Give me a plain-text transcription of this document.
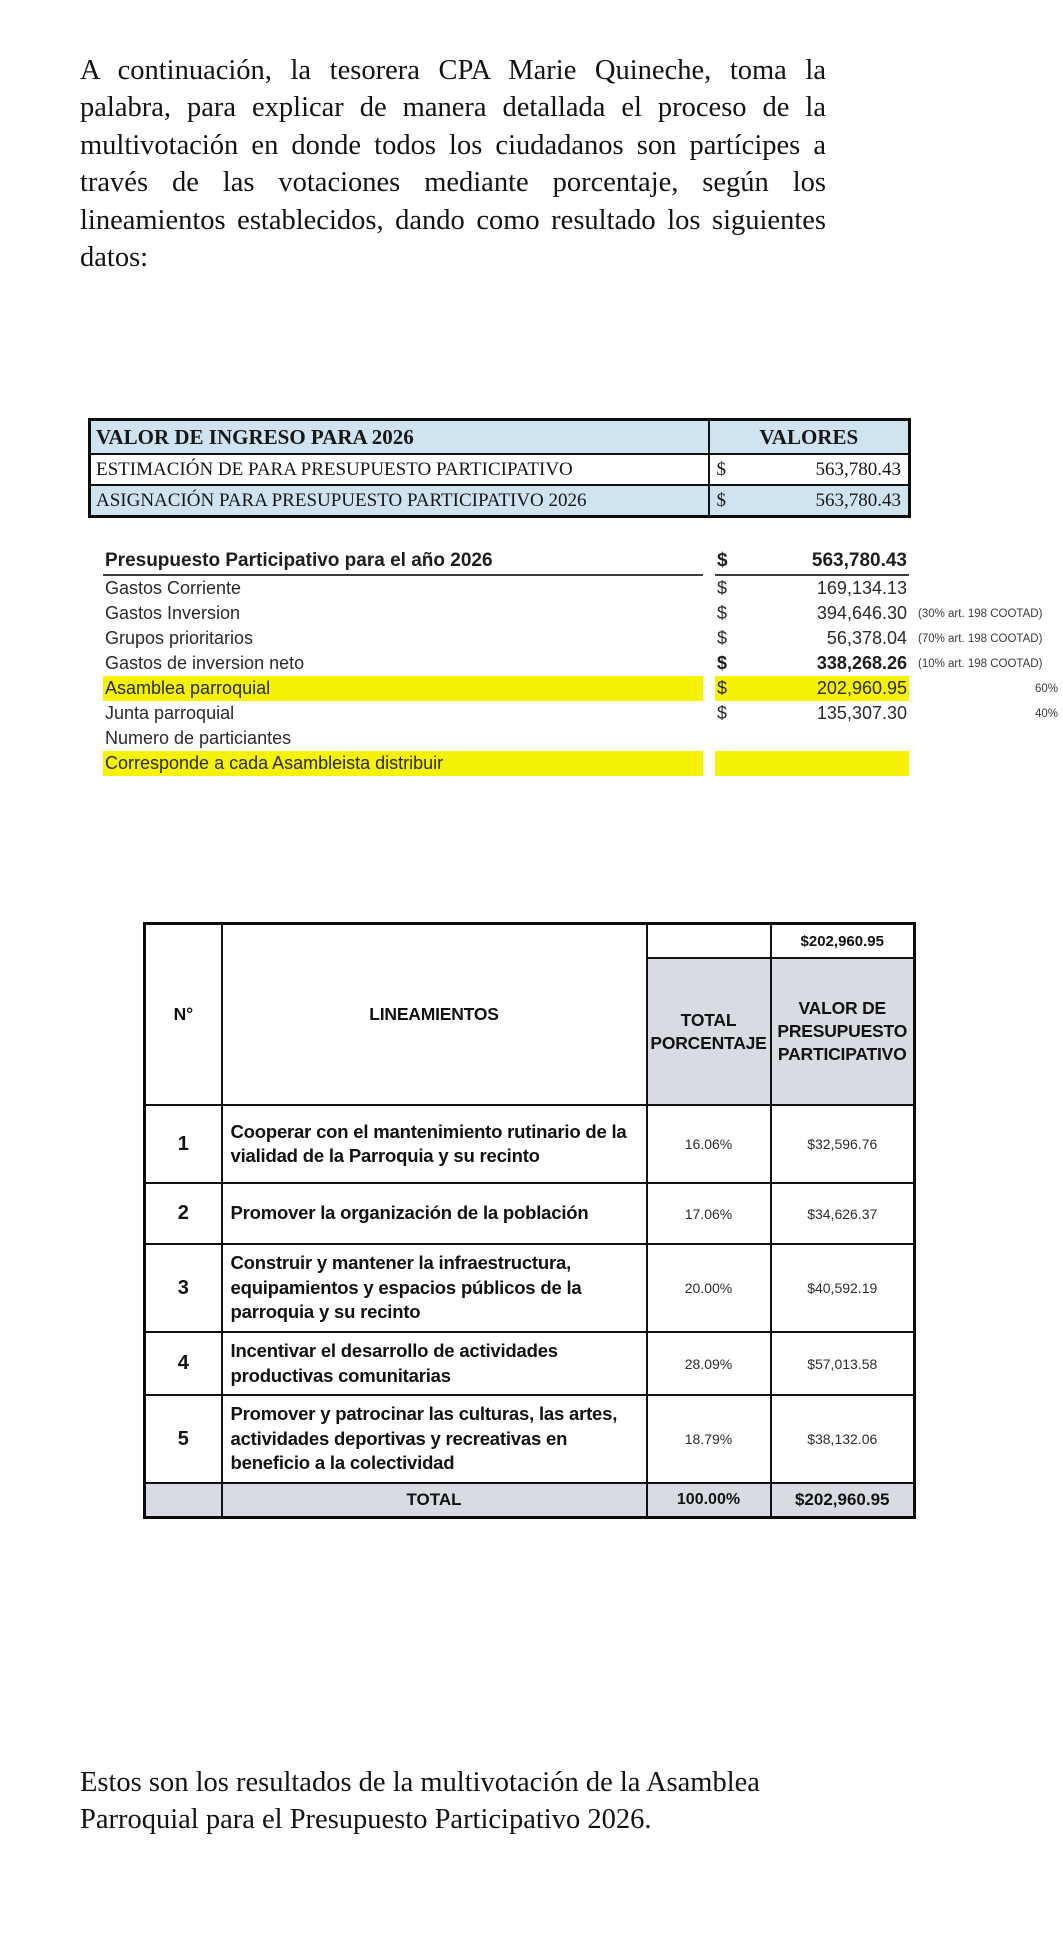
A continuación, la tesorera CPA Marie Quineche, toma la palabra, para explicar de manera detallada el proceso de la multivotación en donde todos los ciudadanos son partícipes a través de las votaciones mediante porcentaje, según los lineamientos establecidos, dando como resultado los siguientes datos:

VALOR DE INGRESO PARA 2026	VALORES
ESTIMACIÓN DE PARA PRESUPUESTO PARTICIPATIVO	$ 563,780.43

ASIGNACIÓN PARA PRESUPUESTO PARTICIPATIVO 2026	$ 563,780.43
Presupuesto Participativo para el año 2026	$	563,780.43
Gastos Corriente	$	169,134.13
Gastos Inversion	$	394,646.30 (30% art. 198 COOTAD)
Grupos prioritarios	$	56,378.04 (70% art. 198 COOTAD)
Gastos de inversion neto	$	338,268.26 (10% art. 198 COOTAD)
Asamblea parroquial	$	202,960.95	60%
Junta parroquial	$	135,307.30	40%
Numero de particiantes
Corresponde a cada Asambleista distribuir
N°	LINEAMIENTOS		$202,960.95
		TOTAL PORCENTAJE	VALOR DE PRESUPUESTO PARTICIPATIVO
1	Cooperar con el mantenimiento rutinario de la vialidad de la Parroquia y su recinto	16.06%	$32,596.76
2	Promover la organización de la población	17.06%	$34,626.37
3	Construir y mantener la infraestructura, equipamientos y espacios públicos de la parroquia y su recinto	20.00%	$40,592.19
4	Incentivar el desarrollo de actividades productivas comunitarias	28.09%	$57,013.58
5	Promover y patrocinar las culturas, las artes, actividades deportivas y recreativas en beneficio a la colectividad	18.79%	$38,132.06
	TOTAL	100.00%	$202,960.95

Estos son los resultados de la multivotación de la Asamblea Parroquial para el Presupuesto Participativo 2026.
